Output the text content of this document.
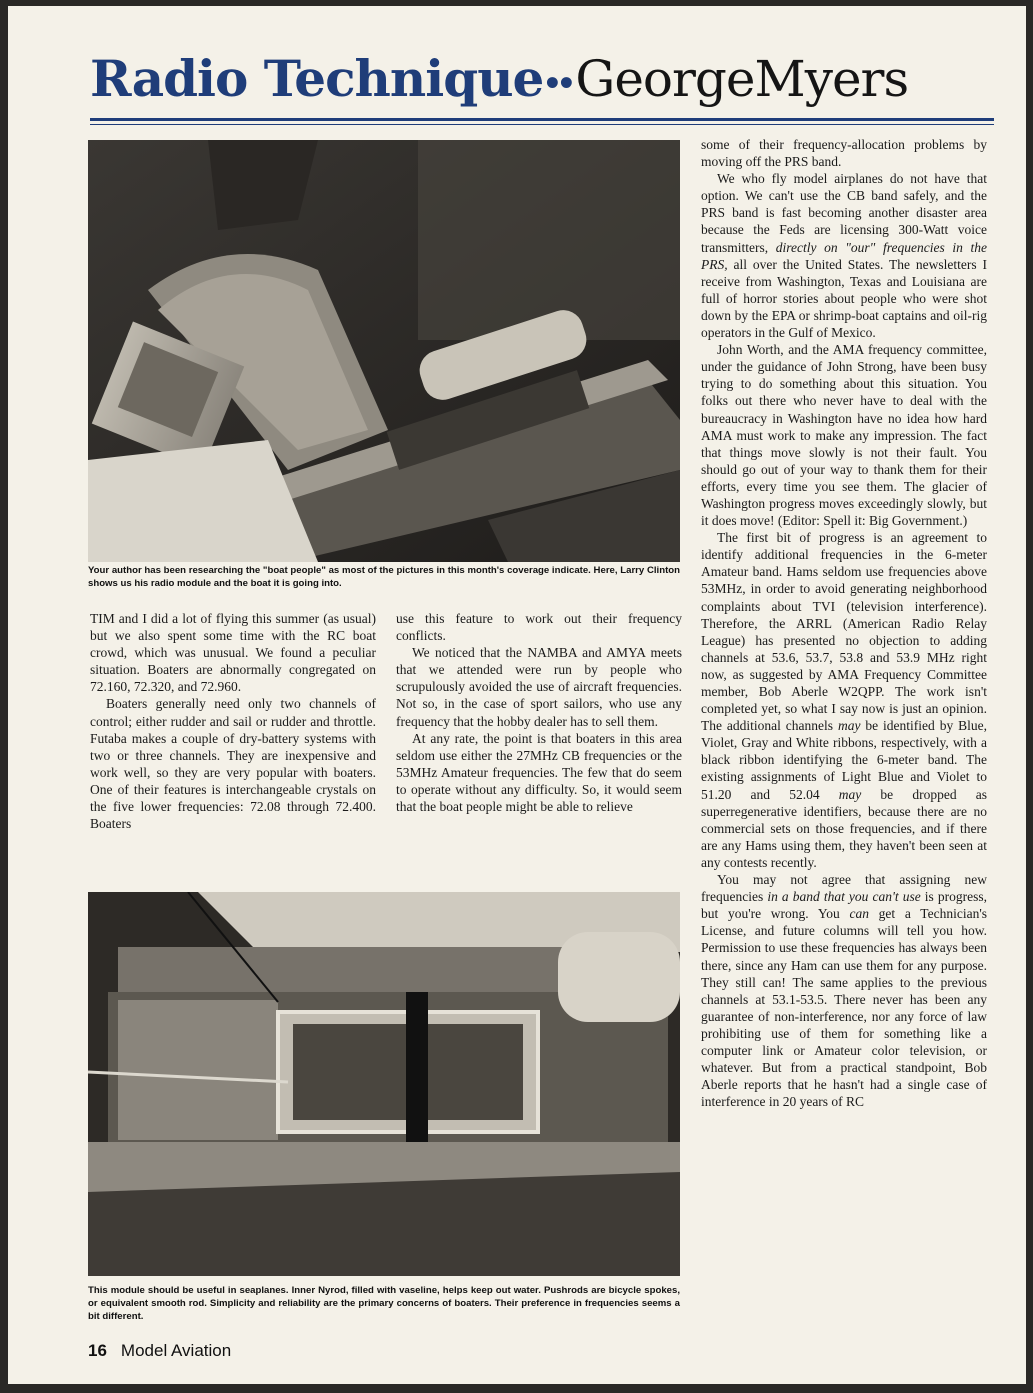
Radio Technique••GeorgeMyers
Your author has been researching the "boat people" as most of the pictures in this month's coverage indicate. Here, Larry Clinton shows us his radio module and the boat it is going into.

TIM and I did a lot of flying this summer (as usual) but we also spent some time with the RC boat crowd, which was unusual. We found a peculiar situation. Boaters are abnormally congregated on 72.160, 72.320, and 72.960.

Boaters generally need only two channels of control; either rudder and sail or rudder and throttle. Futaba makes a couple of dry-battery systems with two or three channels. They are inexpensive and work well, so they are very popular with boaters. One of their features is interchangeable crystals on the five lower frequencies: 72.08 through 72.400. Boaters

use this feature to work out their frequency conflicts.

We noticed that the NAMBA and AMYA meets that we attended were run by people who scrupulously avoided the use of aircraft frequencies. Not so, in the case of sport sailors, who use any frequency that the hobby dealer has to sell them.

At any rate, the point is that boaters in this area seldom use either the 27MHz CB frequencies or the 53MHz Amateur frequencies. The few that do seem to operate without any difficulty. So, it would seem that the boat people might be able to relieve

This module should be useful in seaplanes. Inner Nyrod, filled with vaseline, helps keep out water. Pushrods are bicycle spokes, or equivalent smooth rod. Simplicity and reliability are the primary concerns of boaters. Their preference in frequencies seems a bit different.

some of their frequency-allocation problems by moving off the PRS band.

We who fly model airplanes do not have that option. We can't use the CB band safely, and the PRS band is fast becoming another disaster area because the Feds are licensing 300-Watt voice transmitters, directly on "our" frequencies in the PRS, all over the United States. The newsletters I receive from Washington, Texas and Louisiana are full of horror stories about people who were shot down by the EPA or shrimp-boat captains and oil-rig operators in the Gulf of Mexico.

John Worth, and the AMA frequency committee, under the guidance of John Strong, have been busy trying to do something about this situation. You folks out there who never have to deal with the bureaucracy in Washington have no idea how hard AMA must work to make any impression. The fact that things move slowly is not their fault. You should go out of your way to thank them for their efforts, every time you see them. The glacier of Washington progress moves exceedingly slowly, but it does move! (Editor: Spell it: Big Government.)

The first bit of progress is an agreement to identify additional frequencies in the 6-meter Amateur band. Hams seldom use frequencies above 53MHz, in order to avoid generating neighborhood complaints about TVI (television interference). Therefore, the ARRL (American Radio Relay League) has presented no objection to adding channels at 53.6, 53.7, 53.8 and 53.9 MHz right now, as suggested by AMA Frequency Committee member, Bob Aberle W2QPP. The work isn't completed yet, so what I say now is just an opinion. The additional channels may be identified by Blue, Violet, Gray and White ribbons, respectively, with a black ribbon identifying the 6-meter band. The existing assignments of Light Blue and Violet to 51.20 and 52.04 may be dropped as superregenerative identifiers, because there are no commercial sets on those frequencies, and if there are any Hams using them, they haven't been seen at any contests recently.

You may not agree that assigning new frequencies in a band that you can't use is progress, but you're wrong. You can get a Technician's License, and future columns will tell you how. Permission to use these frequencies has always been there, since any Ham can use them for any purpose. They still can! The same applies to the previous channels at 53.1-53.5. There never has been any guarantee of non-interference, nor any force of law prohibiting use of them for something like a computer link or Amateur color television, or whatever. But from a practical standpoint, Bob Aberle reports that he hasn't had a single case of interference in 20 years of RC

16 Model Aviation
